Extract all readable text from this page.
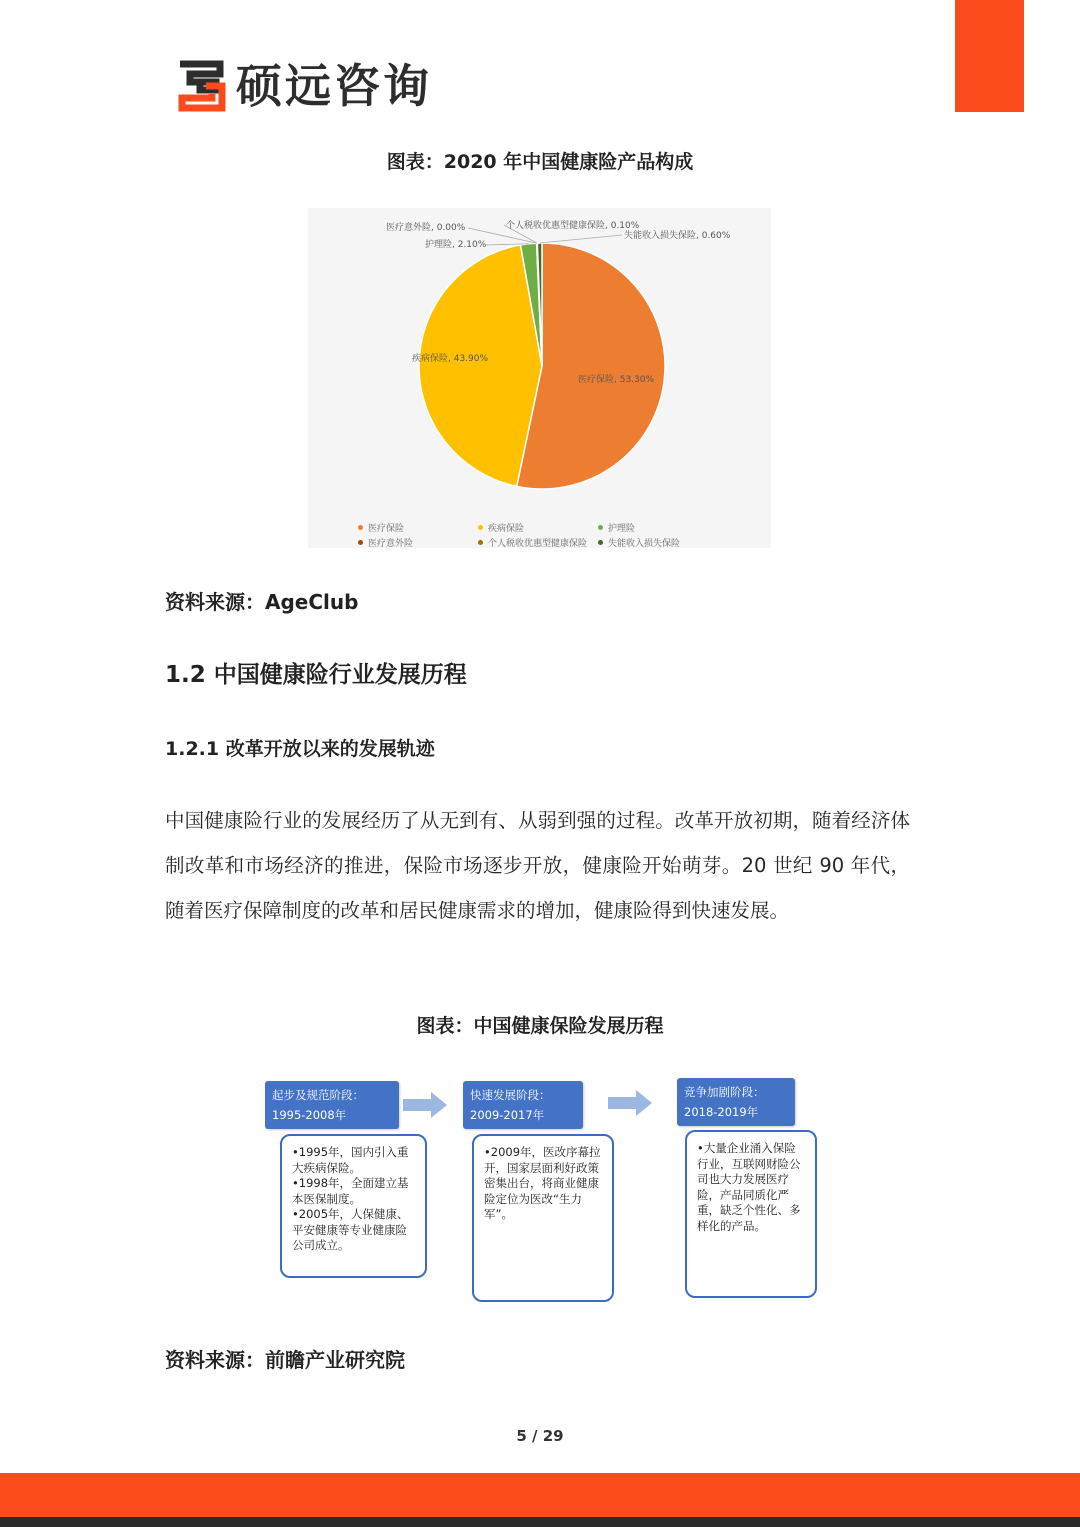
硕远咨询
图表：2020 年中国健康险产品构成
医疗保险, 53.30%
疾病保险, 43.90%
护理险, 2.10%
医疗意外险, 0.00%	个人税收优惠型健康保险, 0.10%
失能收入损失保险, 0.60%
医疗保险	疾病保险	护理险
医疗意外险	个人税收优惠型健康保险 失能收入损失保险
资料来源：AgeClub
1.2 中国健康险行业发展历程
1.2.1 改革开放以来的发展轨迹
中国健康险行业的发展经历了从无到有、从弱到强的过程。改革开放初期，随着经济体制改革和市场经济的推进，保险市场逐步开放，健康险开始萌芽。20 世纪 90 年代，随着医疗保障制度的改革和居民健康需求的增加，健康险得到快速发展。
图表：中国健康保险发展历程

•1995年，国内引入重大疾病保险。

•1998年，全面建立基本医保制度。

•2005年，人保健康、平安健康等专业健康险公司成立。

起步及规范阶段：
1995-2008年

•2009年，医改序幕拉开，国家层面利好政策密集出台，将商业健康险定位为医改“生力军”。

快速发展阶段：
2009-2017年

•大量企业涌入保险行业，互联网财险公司也大力发展医疗险，产品同质化严重，缺乏个性化、多样化的产品。

竞争加剧阶段：
2018-2019年
资料来源：前瞻产业研究院
5 / 29
